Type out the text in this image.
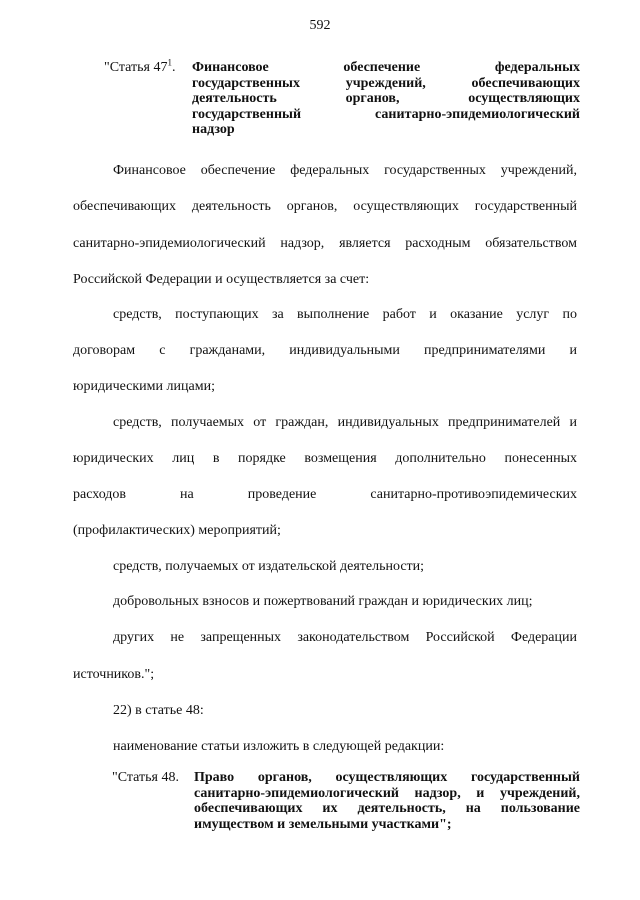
592
"Статья $47^1$. Финансовое обеспечение федеральных
государственных учреждений, обеспечивающих
деятельность органов, осуществляющих
государственный санитарно-эпидемиологический
надзор
Финансовое обеспечение федеральных государственных учреждений,
обеспечивающих деятельность органов, осуществляющих государственный
санитарно-эпидемиологический надзор, является расходным обязательством
Российской Федерации и осуществляется за счет:
средств, поступающих за выполнение работ и оказание услуг по
договорам с гражданами, индивидуальными предпринимателями и
юридическими лицами;
средств, получаемых от граждан, индивидуальных предпринимателей и
юридических лиц в порядке возмещения дополнительно понесенных
расходов на проведение санитарно-противоэпидемических
(профилактических) мероприятий;
средств, получаемых от издательской деятельности;
добровольных взносов и пожертвований граждан и юридических лиц;
других не запрещенных законодательством Российской Федерации
источников.";
22) в статье 48:
наименование статьи изложить в следующей редакции:
"Статья 48. Право органов, осуществляющих государственный
санитарно-эпидемиологический надзор, и учреждений,
обеспечивающих их деятельность, на пользование
имуществом и земельными участками";
